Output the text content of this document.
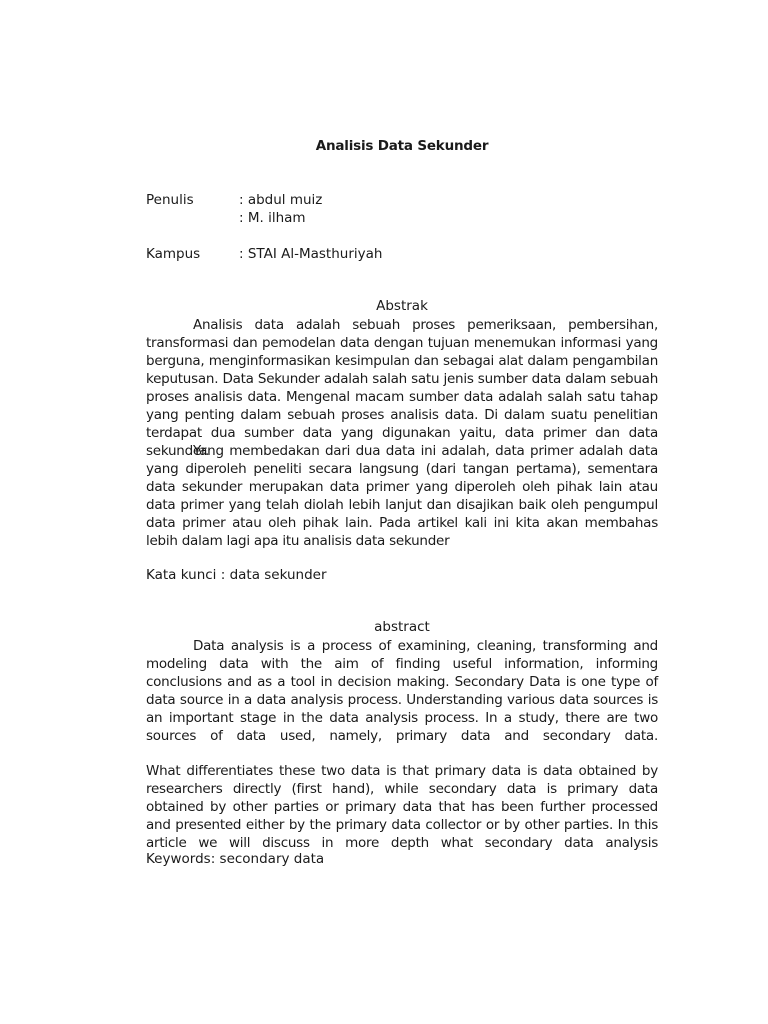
Analisis Data Sekunder
Penulis	: abdul muiz
: M. ilham
Kampus	: STAI Al-Masthuriyah
Abstrak
Analisis data adalah sebuah proses pemeriksaan, pembersihan, transformasi dan pemodelan data dengan tujuan menemukan informasi yang berguna, menginformasikan kesimpulan dan sebagai alat dalam pengambilan keputusan. Data Sekunder adalah salah satu jenis sumber data dalam sebuah proses analisis data. Mengenal macam sumber data adalah salah satu tahap yang penting dalam sebuah proses analisis data. Di dalam suatu penelitian terdapat dua sumber data yang digunakan yaitu, data primer dan data sekunder.
Yang membedakan dari dua data ini adalah, data primer adalah data yang diperoleh peneliti secara langsung (dari tangan pertama), sementara data sekunder merupakan data primer yang diperoleh oleh pihak lain atau data primer yang telah diolah lebih lanjut dan disajikan baik oleh pengumpul data primer atau oleh pihak lain. Pada artikel kali ini kita akan membahas lebih dalam lagi apa itu analisis data sekunder
Kata kunci : data sekunder
abstract
Data analysis is a process of examining, cleaning, transforming and modeling data with the aim of finding useful information, informing conclusions and as a tool in decision making. Secondary Data is one type of data source in a data analysis process. Understanding various data sources is an important stage in the data analysis process. In a study, there are two sources of data used, namely, primary data and secondary data.
What differentiates these two data is that primary data is data obtained by researchers directly (first hand), while secondary data is primary data obtained by other parties or primary data that has been further processed and presented either by the primary data collector or by other parties. In this article we will discuss in more depth what secondary data analysis
Keywords: secondary data
